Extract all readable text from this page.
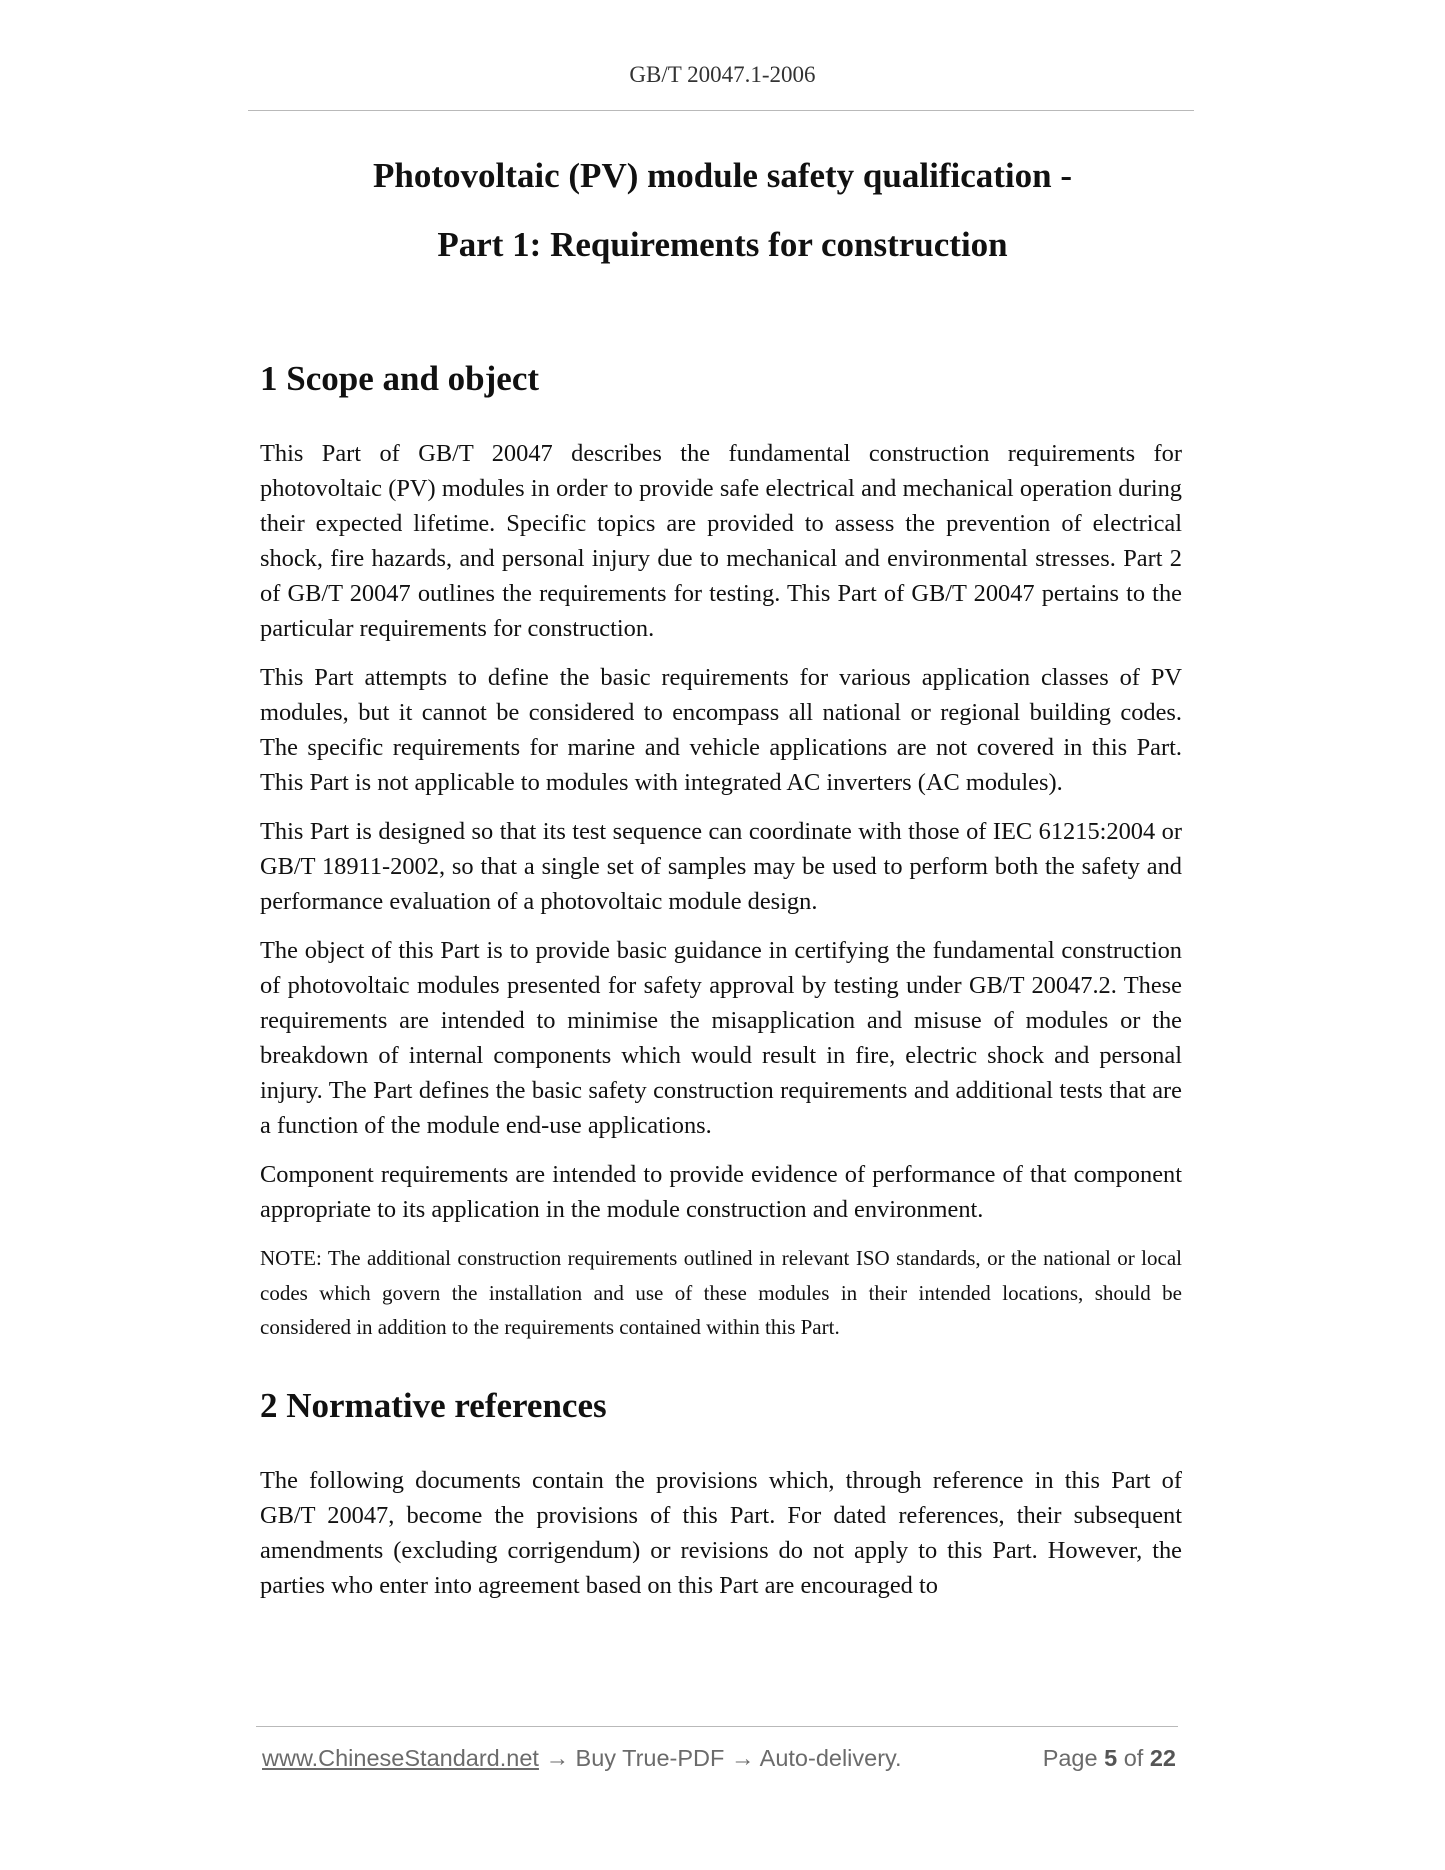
GB/T 20047.1-2006
Photovoltaic (PV) module safety qualification -
Part 1: Requirements for construction
1 Scope and object

This Part of GB/T 20047 describes the fundamental construction requirements for photovoltaic (PV) modules in order to provide safe electrical and mechanical operation during their expected lifetime. Specific topics are provided to assess the prevention of electrical shock, fire hazards, and personal injury due to mechanical and environmental stresses. Part 2 of GB/T 20047 outlines the requirements for testing. This Part of GB/T 20047 pertains to the particular requirements for construction.

This Part attempts to define the basic requirements for various application classes of PV modules, but it cannot be considered to encompass all national or regional building codes. The specific requirements for marine and vehicle applications are not covered in this Part. This Part is not applicable to modules with integrated AC inverters (AC modules).

This Part is designed so that its test sequence can coordinate with those of IEC 61215:2004 or GB/T 18911-2002, so that a single set of samples may be used to perform both the safety and performance evaluation of a photovoltaic module design.

The object of this Part is to provide basic guidance in certifying the fundamental construction of photovoltaic modules presented for safety approval by testing under GB/T 20047.2. These requirements are intended to minimise the misapplication and misuse of modules or the breakdown of internal components which would result in fire, electric shock and personal injury. The Part defines the basic safety construction requirements and additional tests that are a function of the module end-use applications.

Component requirements are intended to provide evidence of performance of that component appropriate to its application in the module construction and environment.

NOTE: The additional construction requirements outlined in relevant ISO standards, or the national or local codes which govern the installation and use of these modules in their intended locations, should be considered in addition to the requirements contained within this Part.

2 Normative references

The following documents contain the provisions which, through reference in this Part of GB/T 20047, become the provisions of this Part. For dated references, their subsequent amendments (excluding corrigendum) or revisions do not apply to this Part. However, the parties who enter into agreement based on this Part are encouraged to

www.ChineseStandard.net → Buy True-PDF → Auto-delivery.	Page 5 of 22
